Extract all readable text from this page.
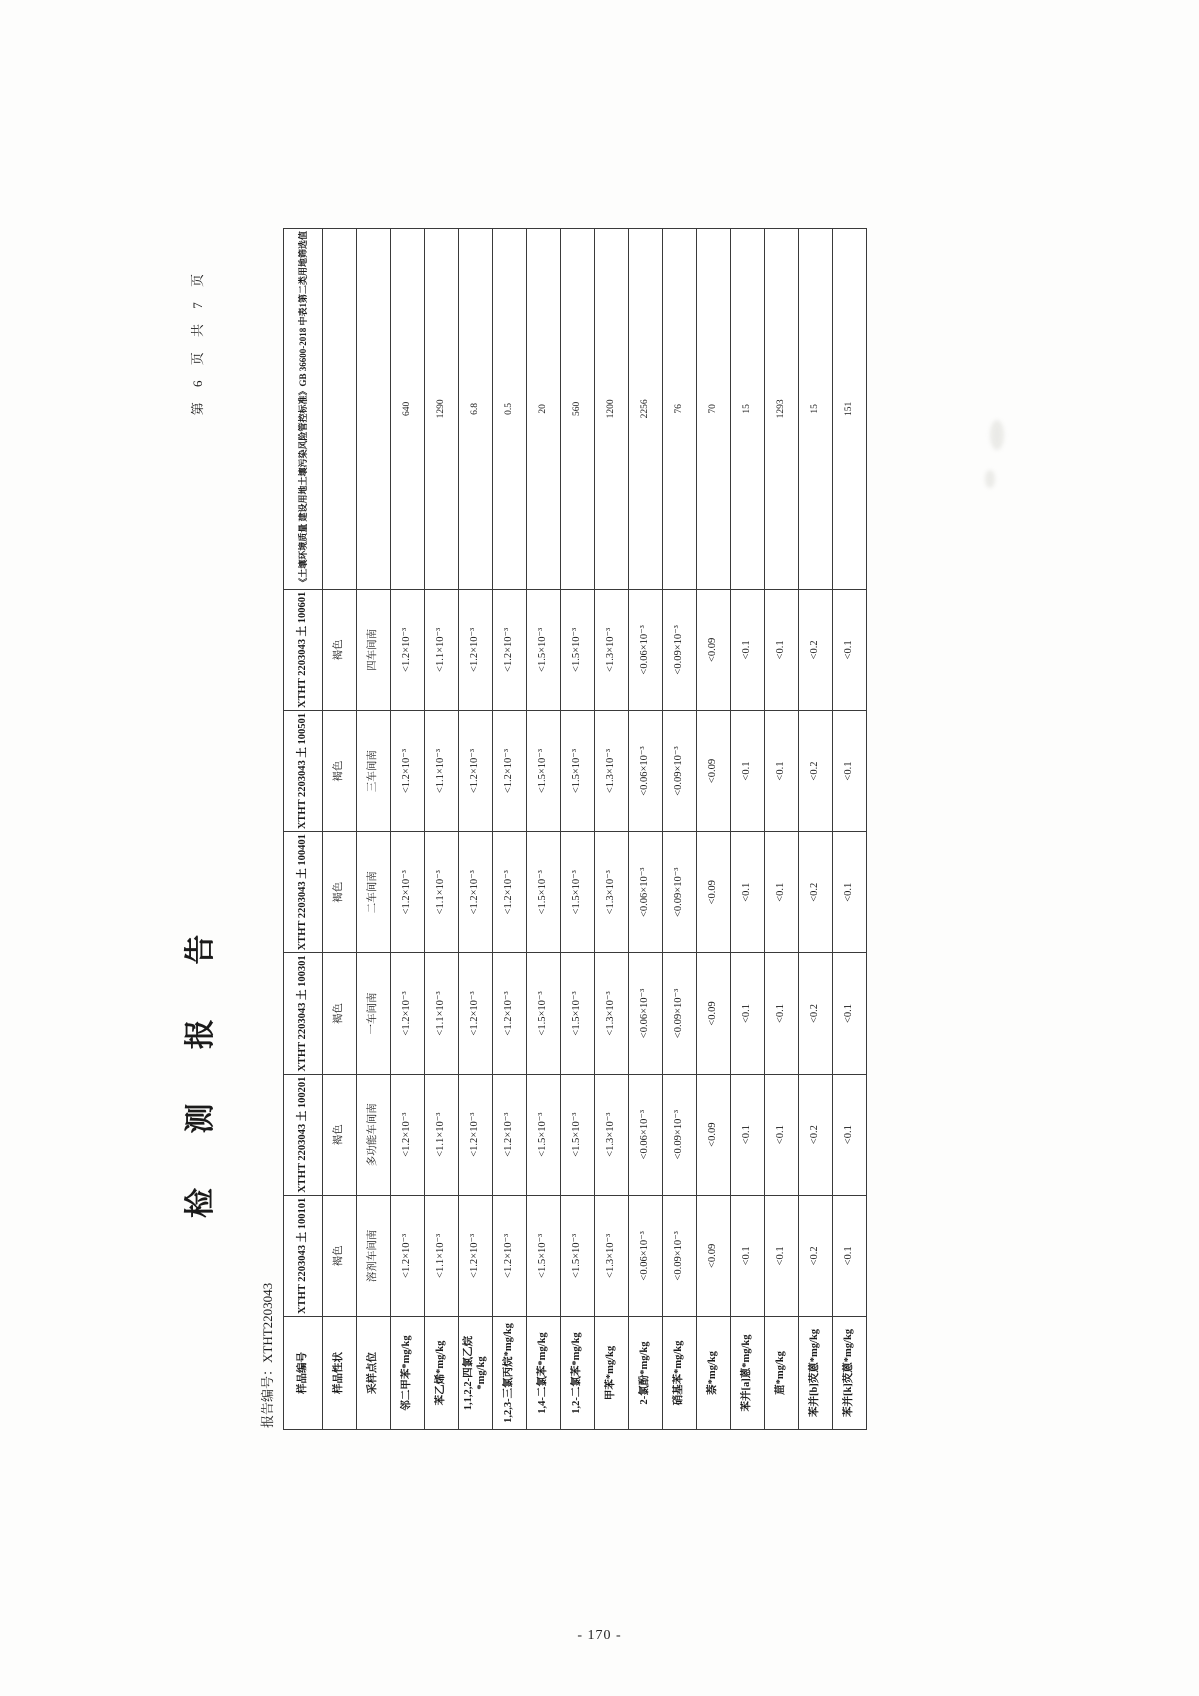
检 测 报 告
第 6 页 共 7 页
报告编号：XTHT2203043 样品编号	XTHT 2203043 土 100101	XTHT 2203043 土 100201	XTHT 2203043 土 100301	XTHT 2203043 土 100401	XTHT 2203043 土 100501	XTHT 2203043 土 100601	《土壤环境质量 建设用地土壤污染风险管控标准》GB 36600-2018 中表1第二类用地筛选值
样品性状	褐色	褐色	褐色	褐色	褐色	褐色	
采样点位	溶剂车间南	多功能车间南	一车间南	二车间南	三车间南	四车间南	
邻二甲苯*mg/kg	<1.2×10⁻³	<1.2×10⁻³	<1.2×10⁻³	<1.2×10⁻³	<1.2×10⁻³	<1.2×10⁻³	640
苯乙烯*mg/kg	<1.1×10⁻³	<1.1×10⁻³	<1.1×10⁻³	<1.1×10⁻³	<1.1×10⁻³	<1.1×10⁻³	1290
1,1,2,2-四氯乙烷*mg/kg	<1.2×10⁻³	<1.2×10⁻³	<1.2×10⁻³	<1.2×10⁻³	<1.2×10⁻³	<1.2×10⁻³	6.8
1,2,3-三氯丙烷*mg/kg	<1.2×10⁻³	<1.2×10⁻³	<1.2×10⁻³	<1.2×10⁻³	<1.2×10⁻³	<1.2×10⁻³	0.5
1,4-二氯苯*mg/kg	<1.5×10⁻³	<1.5×10⁻³	<1.5×10⁻³	<1.5×10⁻³	<1.5×10⁻³	<1.5×10⁻³	20
1,2-二氯苯*mg/kg	<1.5×10⁻³	<1.5×10⁻³	<1.5×10⁻³	<1.5×10⁻³	<1.5×10⁻³	<1.5×10⁻³	560
甲苯*mg/kg	<1.3×10⁻³	<1.3×10⁻³	<1.3×10⁻³	<1.3×10⁻³	<1.3×10⁻³	<1.3×10⁻³	1200
2-氯酚*mg/kg	<0.06×10⁻³	<0.06×10⁻³	<0.06×10⁻³	<0.06×10⁻³	<0.06×10⁻³	<0.06×10⁻³	2256
硝基苯*mg/kg	<0.09×10⁻³	<0.09×10⁻³	<0.09×10⁻³	<0.09×10⁻³	<0.09×10⁻³	<0.09×10⁻³	76
萘*mg/kg	<0.09	<0.09	<0.09	<0.09	<0.09	<0.09	70
苯并[a]蒽*mg/kg	<0.1	<0.1	<0.1	<0.1	<0.1	<0.1	15
䓛*mg/kg	<0.1	<0.1	<0.1	<0.1	<0.1	<0.1	1293
苯并[b]荧蒽*mg/kg	<0.2	<0.2	<0.2	<0.2	<0.2	<0.2	15
苯并[k]荧蒽*mg/kg	<0.1	<0.1	<0.1	<0.1	<0.1	<0.1	151
- 170 -
